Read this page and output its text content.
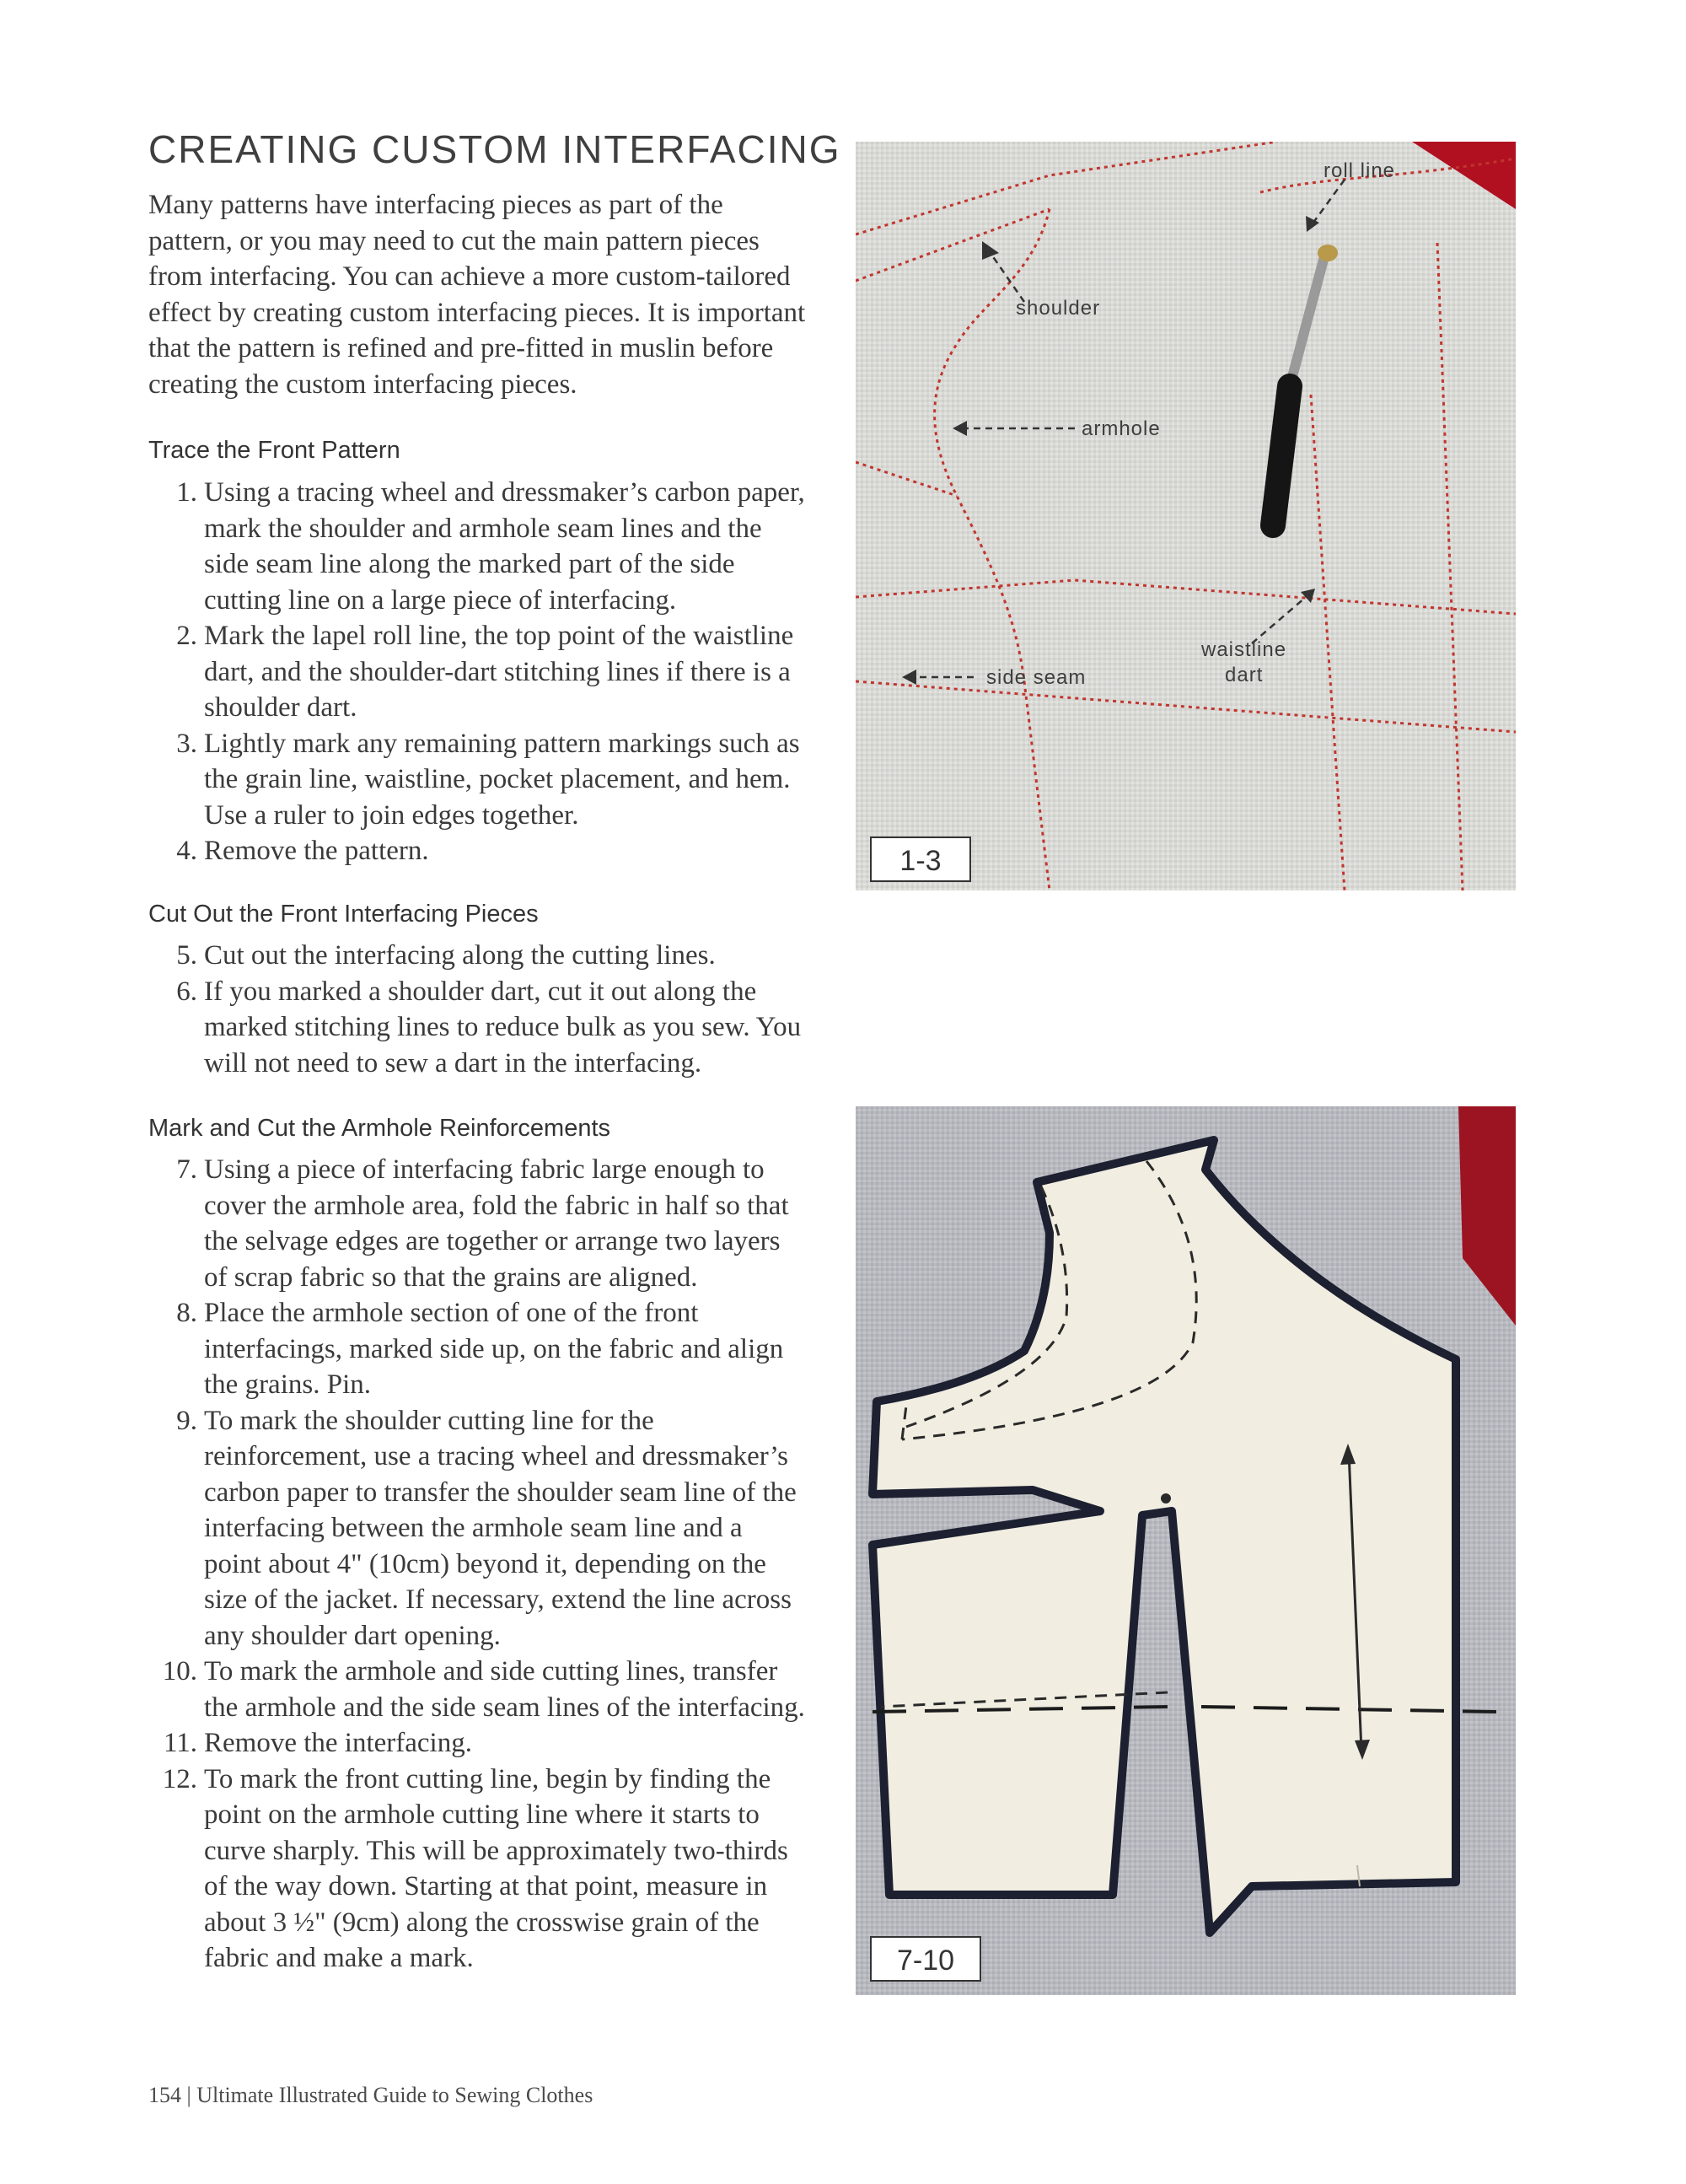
CREATING CUSTOM INTERFACING

Many patterns have interfacing pieces as part of the pattern, or you may need to cut the main pattern pieces from interfacing. You can achieve a more custom-tailored effect by creating custom interfacing pieces. It is important that the pattern is refined and pre-fitted in muslin before creating the custom interfacing pieces.

Trace the Front Pattern
1. Using a tracing wheel and dressmaker’s carbon paper, mark the shoulder and armhole seam lines and the side seam line along the marked part of the side cutting line on a large piece of interfacing.
2. Mark the lapel roll line, the top point of the waistline dart, and the shoulder-dart stitching lines if there is a shoulder dart.
3. Lightly mark any remaining pattern markings such as the grain line, waistline, pocket placement, and hem. Use a ruler to join edges together.
4. Remove the pattern.
Cut Out the Front Interfacing Pieces
5. Cut out the interfacing along the cutting lines.
6. If you marked a shoulder dart, cut it out along the marked stitching lines to reduce bulk as you sew. You will not need to sew a dart in the interfacing.
Mark and Cut the Armhole Reinforcements
7. Using a piece of interfacing fabric large enough to cover the armhole area, fold the fabric in half so that the selvage edges are together or arrange two layers of scrap fabric so that the grains are aligned.
8. Place the armhole section of one of the front interfacings, marked side up, on the fabric and align the grains. Pin.
9. To mark the shoulder cutting line for the reinforcement, use a tracing wheel and dressmaker’s carbon paper to transfer the shoulder seam line of the interfacing between the armhole seam line and a point about 4" (10cm) beyond it, depending on the size of the jacket. If necessary, extend the line across any shoulder dart opening.
10. To mark the armhole and side cutting lines, transfer the armhole and the side seam lines of the interfacing.
11. Remove the interfacing.
12. To mark the front cutting line, begin by finding the point on the armhole cutting line where it starts to curve sharply. This will be approximately two-thirds of the way down. Starting at that point, measure in about 3 ½" (9cm) along the crosswise grain of the fabric and make a mark.
roll line
shoulder
armhole
side seam
waistline
dart
1-3
7-10
154 | Ultimate Illustrated Guide to Sewing Clothes
